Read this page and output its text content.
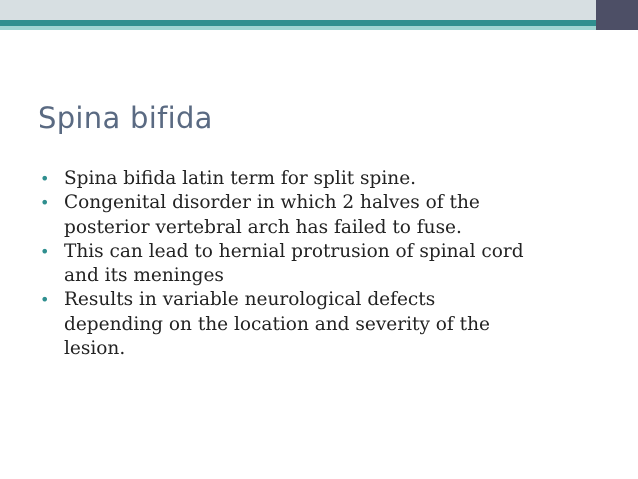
Spina bifida
• Spina bifida latin term for split spine.
• Congenital disorder in which 2 halves of the
posterior vertebral arch has failed to fuse.
• This can lead to hernial protrusion of spinal cord
and its meninges
• Results in variable neurological defects
depending on the location and severity of the
lesion.
